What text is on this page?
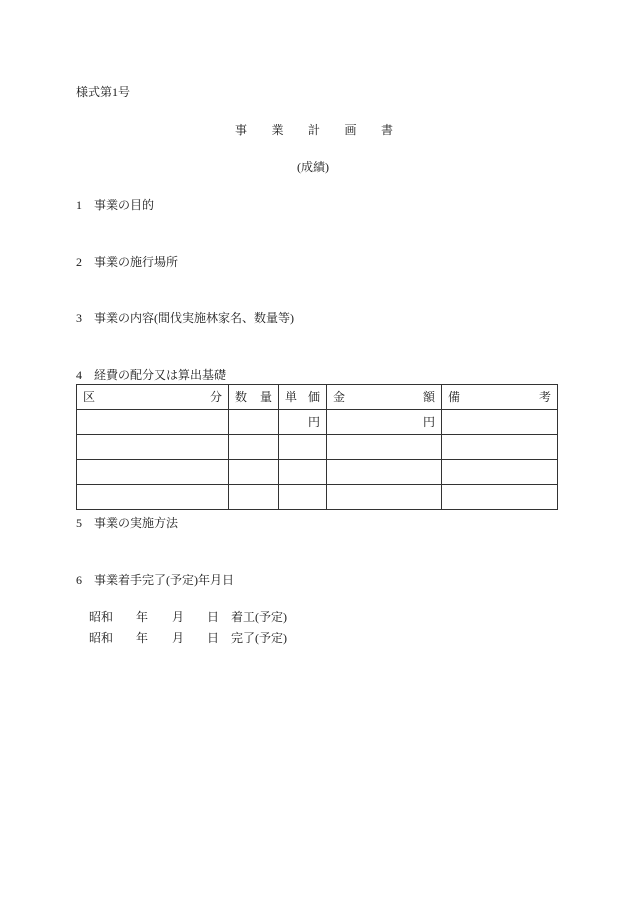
様式第1号
事 業 計 画 書
(成績)
1 事業の目的
2 事業の施行場所
3 事業の内容(間伐実施林家名、数量等)
4 経費の配分又は算出基礎
区 分	数 量	単 価	金 額	備 考

		円	円	

5 事業の実施方法
6 事業着手完了(予定)年月日
昭和 年 月 日 着工(予定)
昭和 年 月 日 完了(予定)
